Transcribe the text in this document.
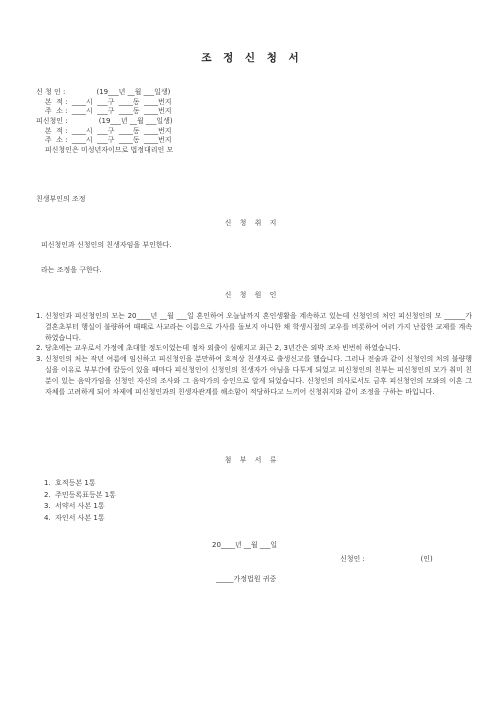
조 정 신 청 서
신 청 인 :              (19___년 __월 ___일생)
본  적 :  ____시  ___구  ____동  ____번지
주  소 :  ____시  ___구  ____동  ____번지
피신청인 :              (19___년 __월 ___일생)
본  적 :  ____시  ___구  ____동  ____번지
주  소 :  ____시  ___구  ____동  ____번지
피신청인은 미성년자이므로 법정대리인 모
친생부인의 조정
신 청 취 지
피신청인과 신청인의 친생자임을 부인한다.
라는 조정을 구한다.
신 청 원 인
1. 신청인과 피신청인의 모는 20____년 __월 ___일 혼인하여 오늘날까지 혼인생활을 계속하고 있는데 신청인의 처인 피신청인의 모 ______가 결혼초부터 행실이 불량하여 때때로 사교라는 이름으로 가사를 돌보지 아니한 채 학생시절의 교우를 비롯하여 여러 가지 난잡한 교제를 계속하였습니다.
2. 당초에는 교우로서 가정에 초대할 정도이었는데 점차 외출이 심해지고 최근 2, 3년간은 외박 조차 빈번히 하였습니다.
3. 신청인의 처는 작년 여름에 임신하고 피신청인을 분만하여 호적상 친생자로 출생신고를 했습니다. 그러나 전술과 같이 신청인의 처의 불량행실을 이유로 부부간에 칼등이 있을 때마다 피신청인이 신청인의 친생자가 아님을 다투게 되었고 피신청인의 친부는 피신청인의 모가 취미 친분이 있는 음악가임을 신청인 자신의 조사와 그 음악가의 승인으로 알게 되었습니다. 신청인의 의사로서도 금후 피신청인의 모와의 이혼 그 자체를 고려하게 되어 차제에 피신청인과의 친생자관계를 해소함이 적당하다고 느끼어 신청취지와 같이 조정을 구하는 바입니다.
첨 부 서 류
1.  호적등본 1통
2.  주민등록표등본 1통
3.  서약서 사본 1통
4.  자인서 사본 1통
20____년 __월 ___일
신청인 :                         (인)
_____가정법원 귀중
